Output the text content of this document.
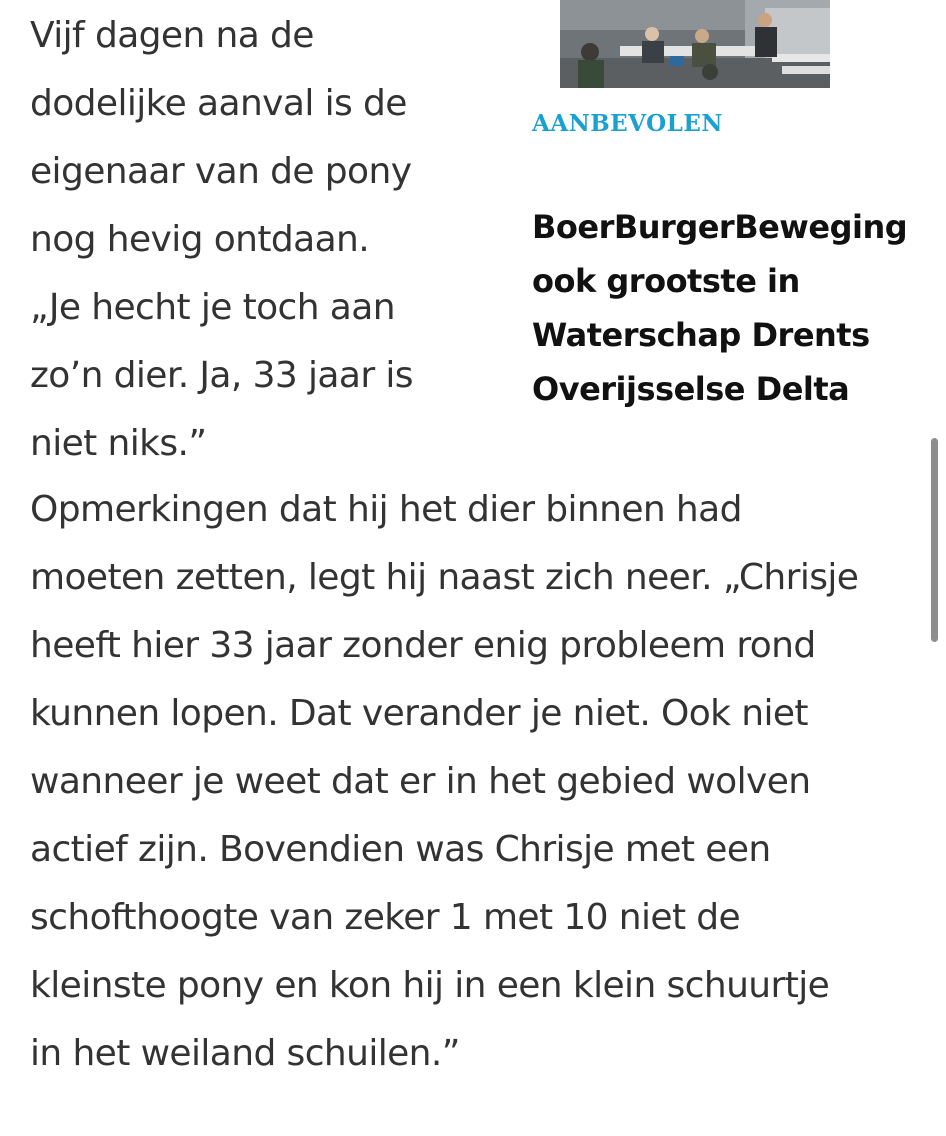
Vijf dagen na de
dodelijke aanval is de
eigenaar van de pony
nog hevig ontdaan.
„Je hecht je toch aan
zo’n dier. Ja, 33 jaar is
niet niks.”
AANBEVOLEN
BoerBurgerBeweging
ook grootste in
Waterschap Drents
Overijsselse Delta
Opmerkingen dat hij het dier binnen had
moeten zetten, legt hij naast zich neer. „Chrisje
heeft hier 33 jaar zonder enig probleem rond
kunnen lopen. Dat verander je niet. Ook niet
wanneer je weet dat er in het gebied wolven
actief zijn. Bovendien was Chrisje met een
schofthoogte van zeker 1 met 10 niet de
kleinste pony en kon hij in een klein schuurtje
in het weiland schuilen.”
